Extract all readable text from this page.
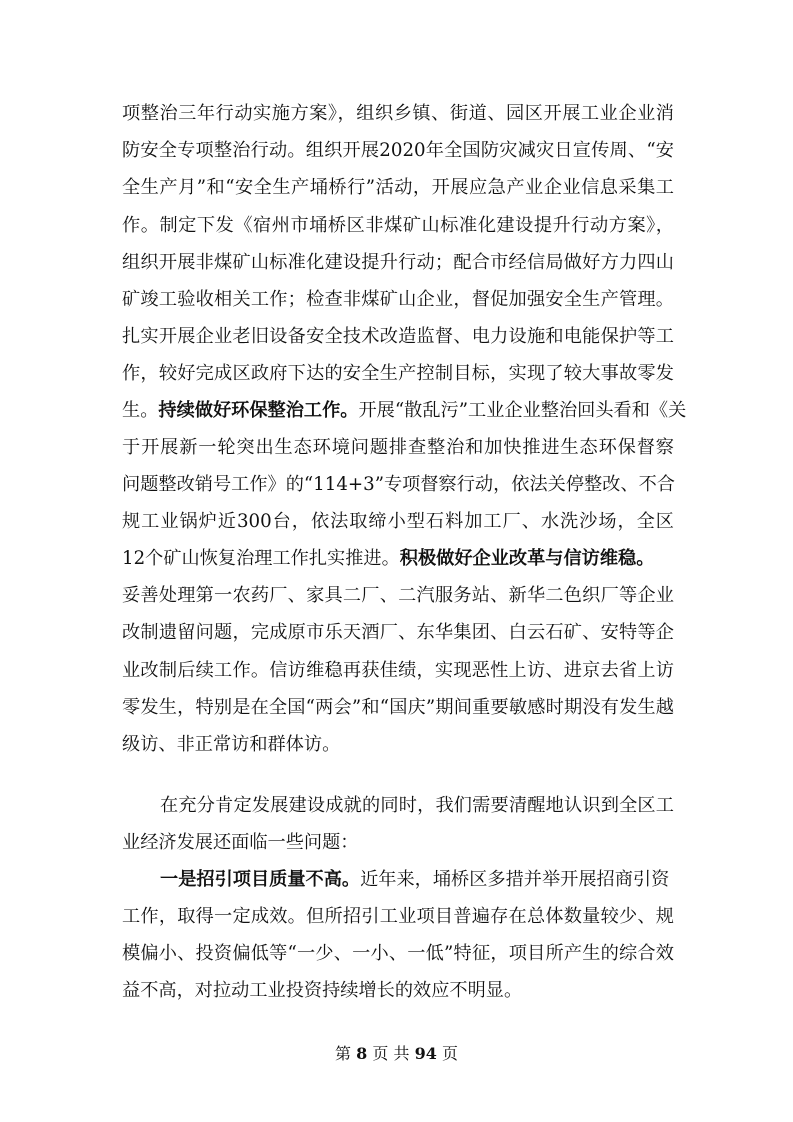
项整治三年行动实施方案》，组织乡镇、街道、园区开展工业企业消
防安全专项整治行动。组织开展2020年全国防灾减灾日宣传周、“安
全生产月”和“安全生产埇桥行”活动，开展应急产业企业信息采集工
作。制定下发《宿州市埇桥区非煤矿山标准化建设提升行动方案》，
组织开展非煤矿山标准化建设提升行动；配合市经信局做好方力四山
矿竣工验收相关工作；检查非煤矿山企业，督促加强安全生产管理。
扎实开展企业老旧设备安全技术改造监督、电力设施和电能保护等工
作，较好完成区政府下达的安全生产控制目标，实现了较大事故零发
生。持续做好环保整治工作。开展“散乱污”工业企业整治回头看和《关
于开展新一轮突出生态环境问题排查整治和加快推进生态环保督察
问题整改销号工作》的“114+3”专项督察行动，依法关停整改、不合
规工业锅炉近300台，依法取缔小型石料加工厂、水洗沙场，全区
12个矿山恢复治理工作扎实推进。积极做好企业改革与信访维稳。
妥善处理第一农药厂、家具二厂、二汽服务站、新华二色织厂等企业
改制遗留问题，完成原市乐天酒厂、东华集团、白云石矿、安特等企
业改制后续工作。信访维稳再获佳绩，实现恶性上访、进京去省上访
零发生，特别是在全国“两会”和“国庆”期间重要敏感时期没有发生越
级访、非正常访和群体访。
在充分肯定发展建设成就的同时，我们需要清醒地认识到全区工
业经济发展还面临一些问题：
一是招引项目质量不高。近年来，埇桥区多措并举开展招商引资
工作，取得一定成效。但所招引工业项目普遍存在总体数量较少、规
模偏小、投资偏低等“一少、一小、一低”特征，项目所产生的综合效
益不高，对拉动工业投资持续增长的效应不明显。
第 8 页 共 94 页
